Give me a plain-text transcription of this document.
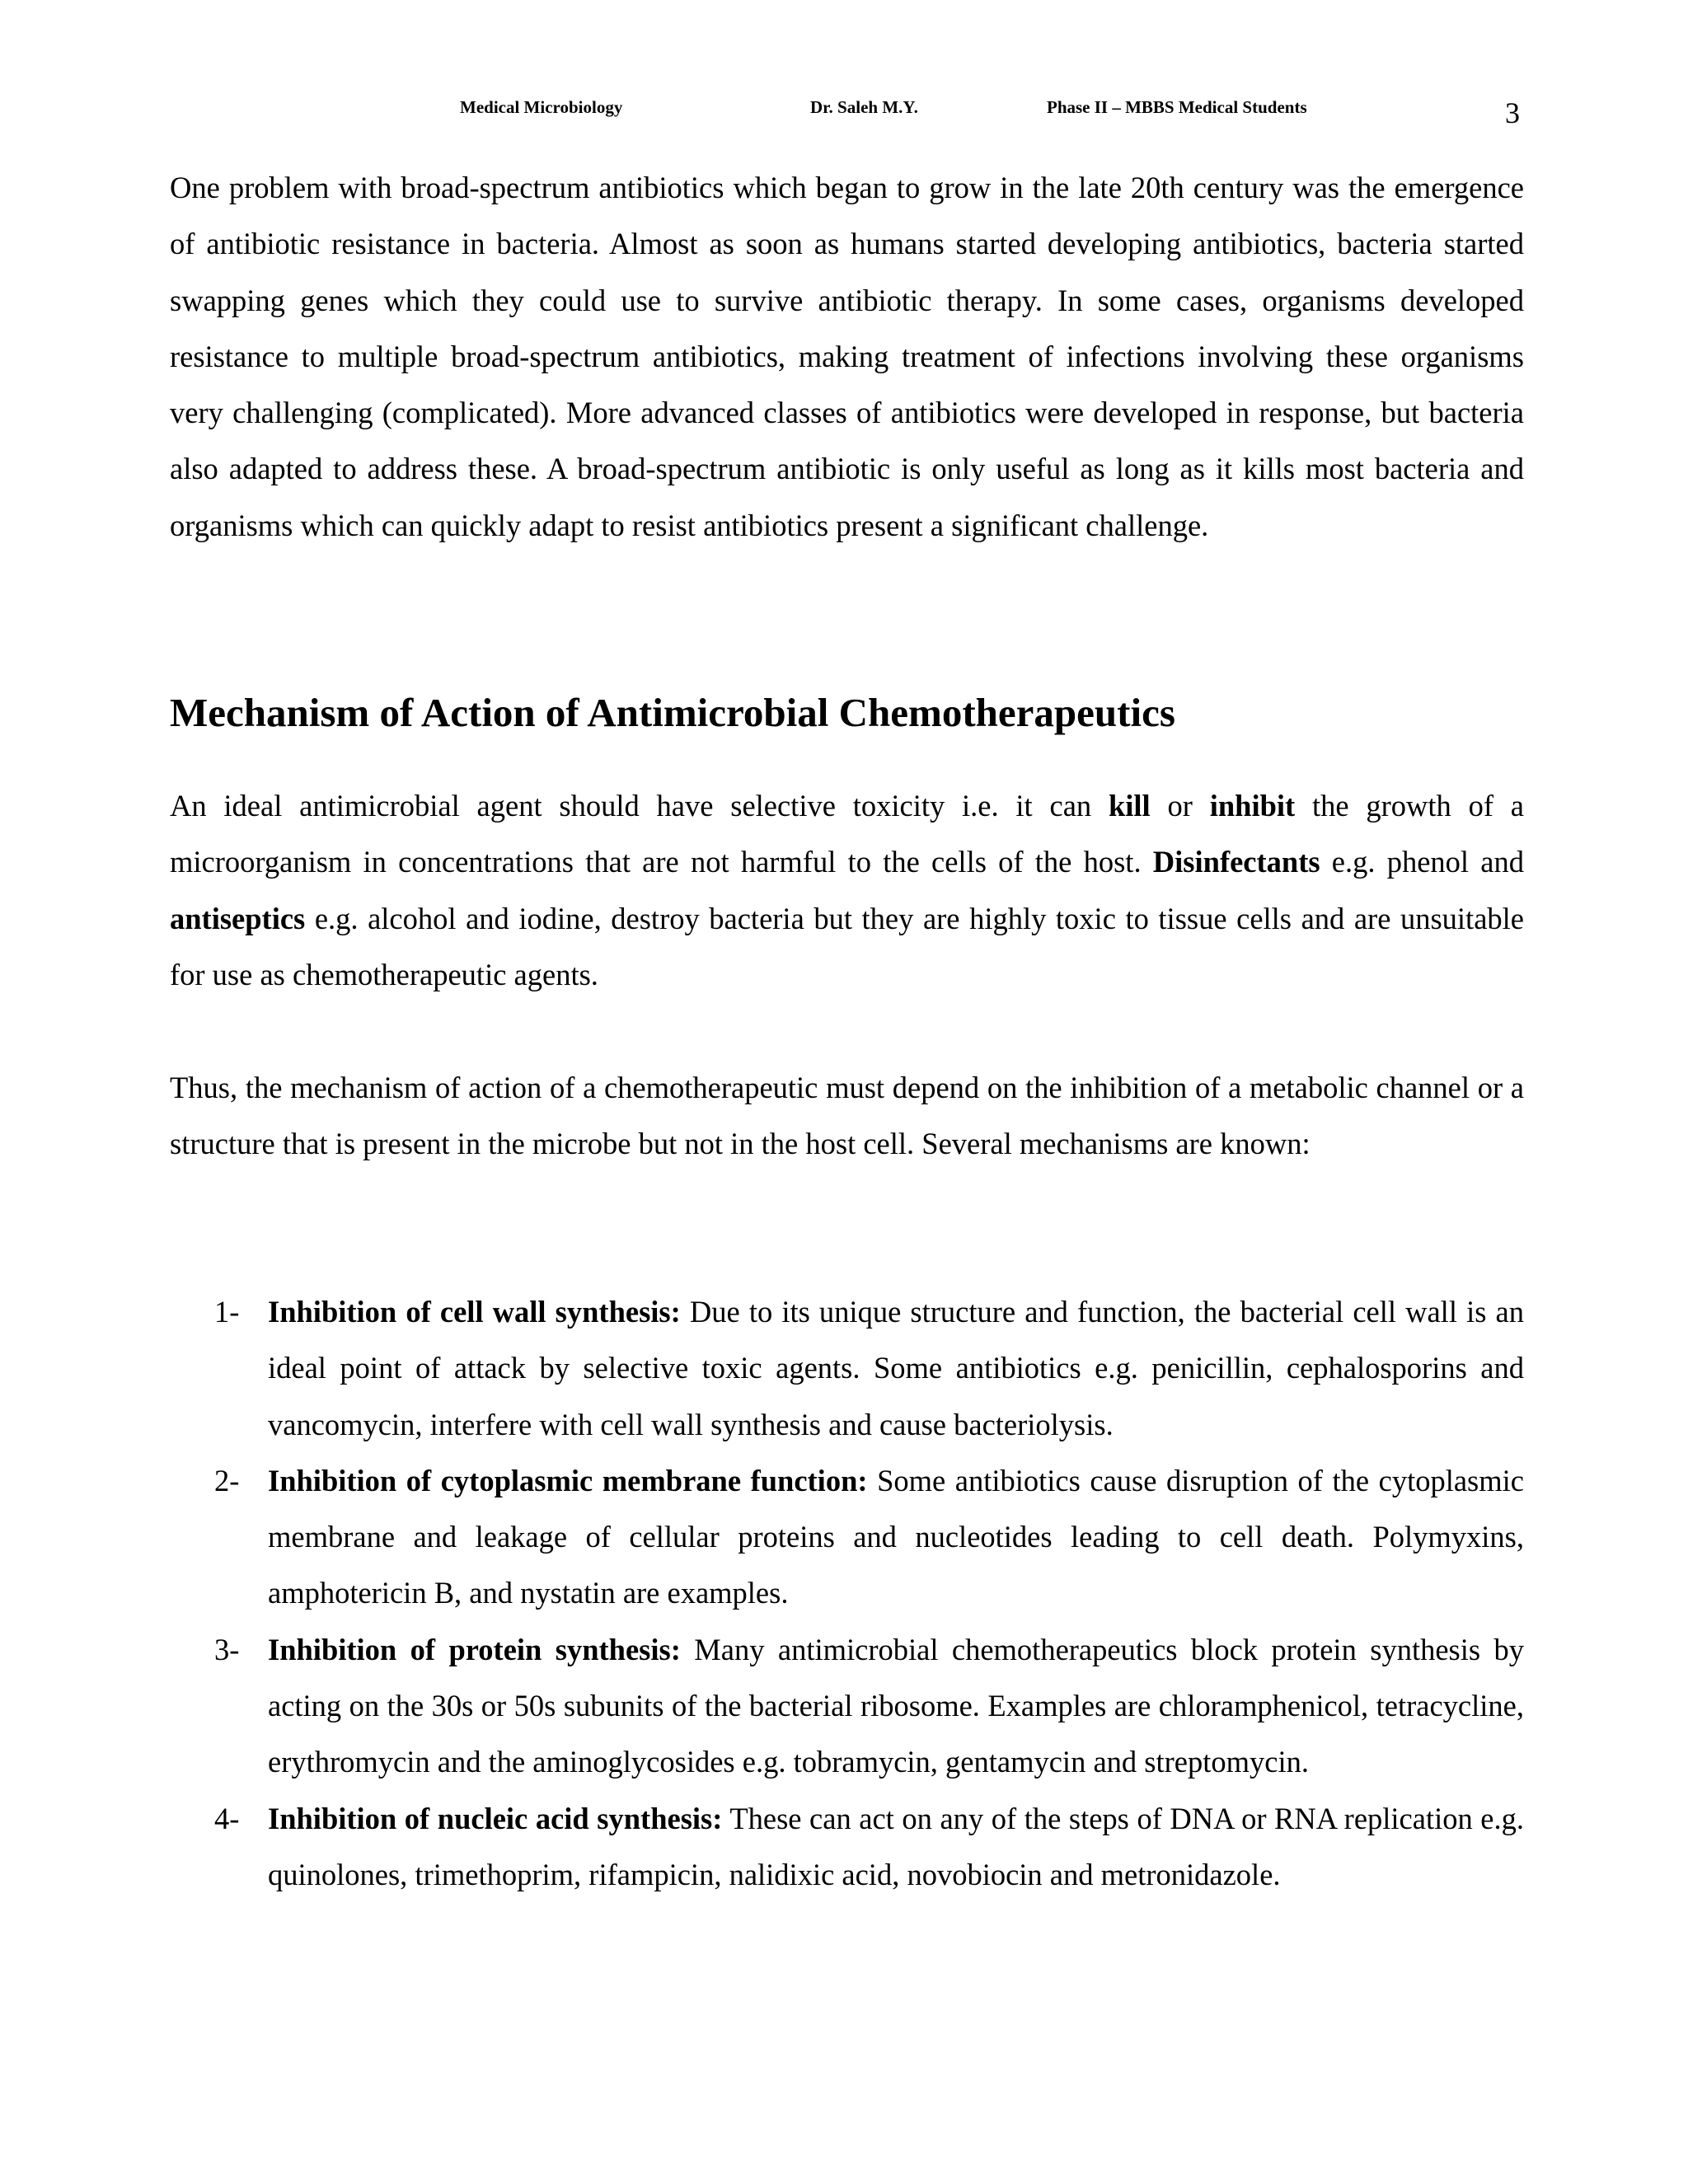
Medical Microbiology	Dr. Saleh M.Y.	Phase II – MBBS Medical Students	3

One problem with broad-spectrum antibiotics which began to grow in the late 20th century was the emergence of antibiotic resistance in bacteria. Almost as soon as humans started developing antibiotics, bacteria started swapping genes which they could use to survive antibiotic therapy. In some cases, organisms developed resistance to multiple broad-spectrum antibiotics, making treatment of infections involving these organisms very challenging (complicated). More advanced classes of antibiotics were developed in response, but bacteria also adapted to address these. A broad-spectrum antibiotic is only useful as long as it kills most bacteria and organisms which can quickly adapt to resist antibiotics present a significant challenge.

Mechanism of Action of Antimicrobial Chemotherapeutics

An ideal antimicrobial agent should have selective toxicity i.e. it can kill or inhibit the growth of a microorganism in concentrations that are not harmful to the cells of the host. Disinfectants e.g. phenol and antiseptics e.g. alcohol and iodine, destroy bacteria but they are highly toxic to tissue cells and are unsuitable for use as chemotherapeutic agents.

Thus, the mechanism of action of a chemotherapeutic must depend on the inhibition of a metabolic channel or a structure that is present in the microbe but not in the host cell. Several mechanisms are known:

1- Inhibition of cell wall synthesis: Due to its unique structure and function, the bacterial cell wall is an ideal point of attack by selective toxic agents. Some antibiotics e.g. penicillin, cephalosporins and vancomycin, interfere with cell wall synthesis and cause bacteriolysis.
2- Inhibition of cytoplasmic membrane function: Some antibiotics cause disruption of the cytoplasmic membrane and leakage of cellular proteins and nucleotides leading to cell death. Polymyxins, amphotericin B, and nystatin are examples.
3- Inhibition of protein synthesis: Many antimicrobial chemotherapeutics block protein synthesis by acting on the 30s or 50s subunits of the bacterial ribosome. Examples are chloramphenicol, tetracycline, erythromycin and the aminoglycosides e.g. tobramycin, gentamycin and streptomycin.
4- Inhibition of nucleic acid synthesis: These can act on any of the steps of DNA or RNA replication e.g. quinolones, trimethoprim, rifampicin, nalidixic acid, novobiocin and metronidazole.
